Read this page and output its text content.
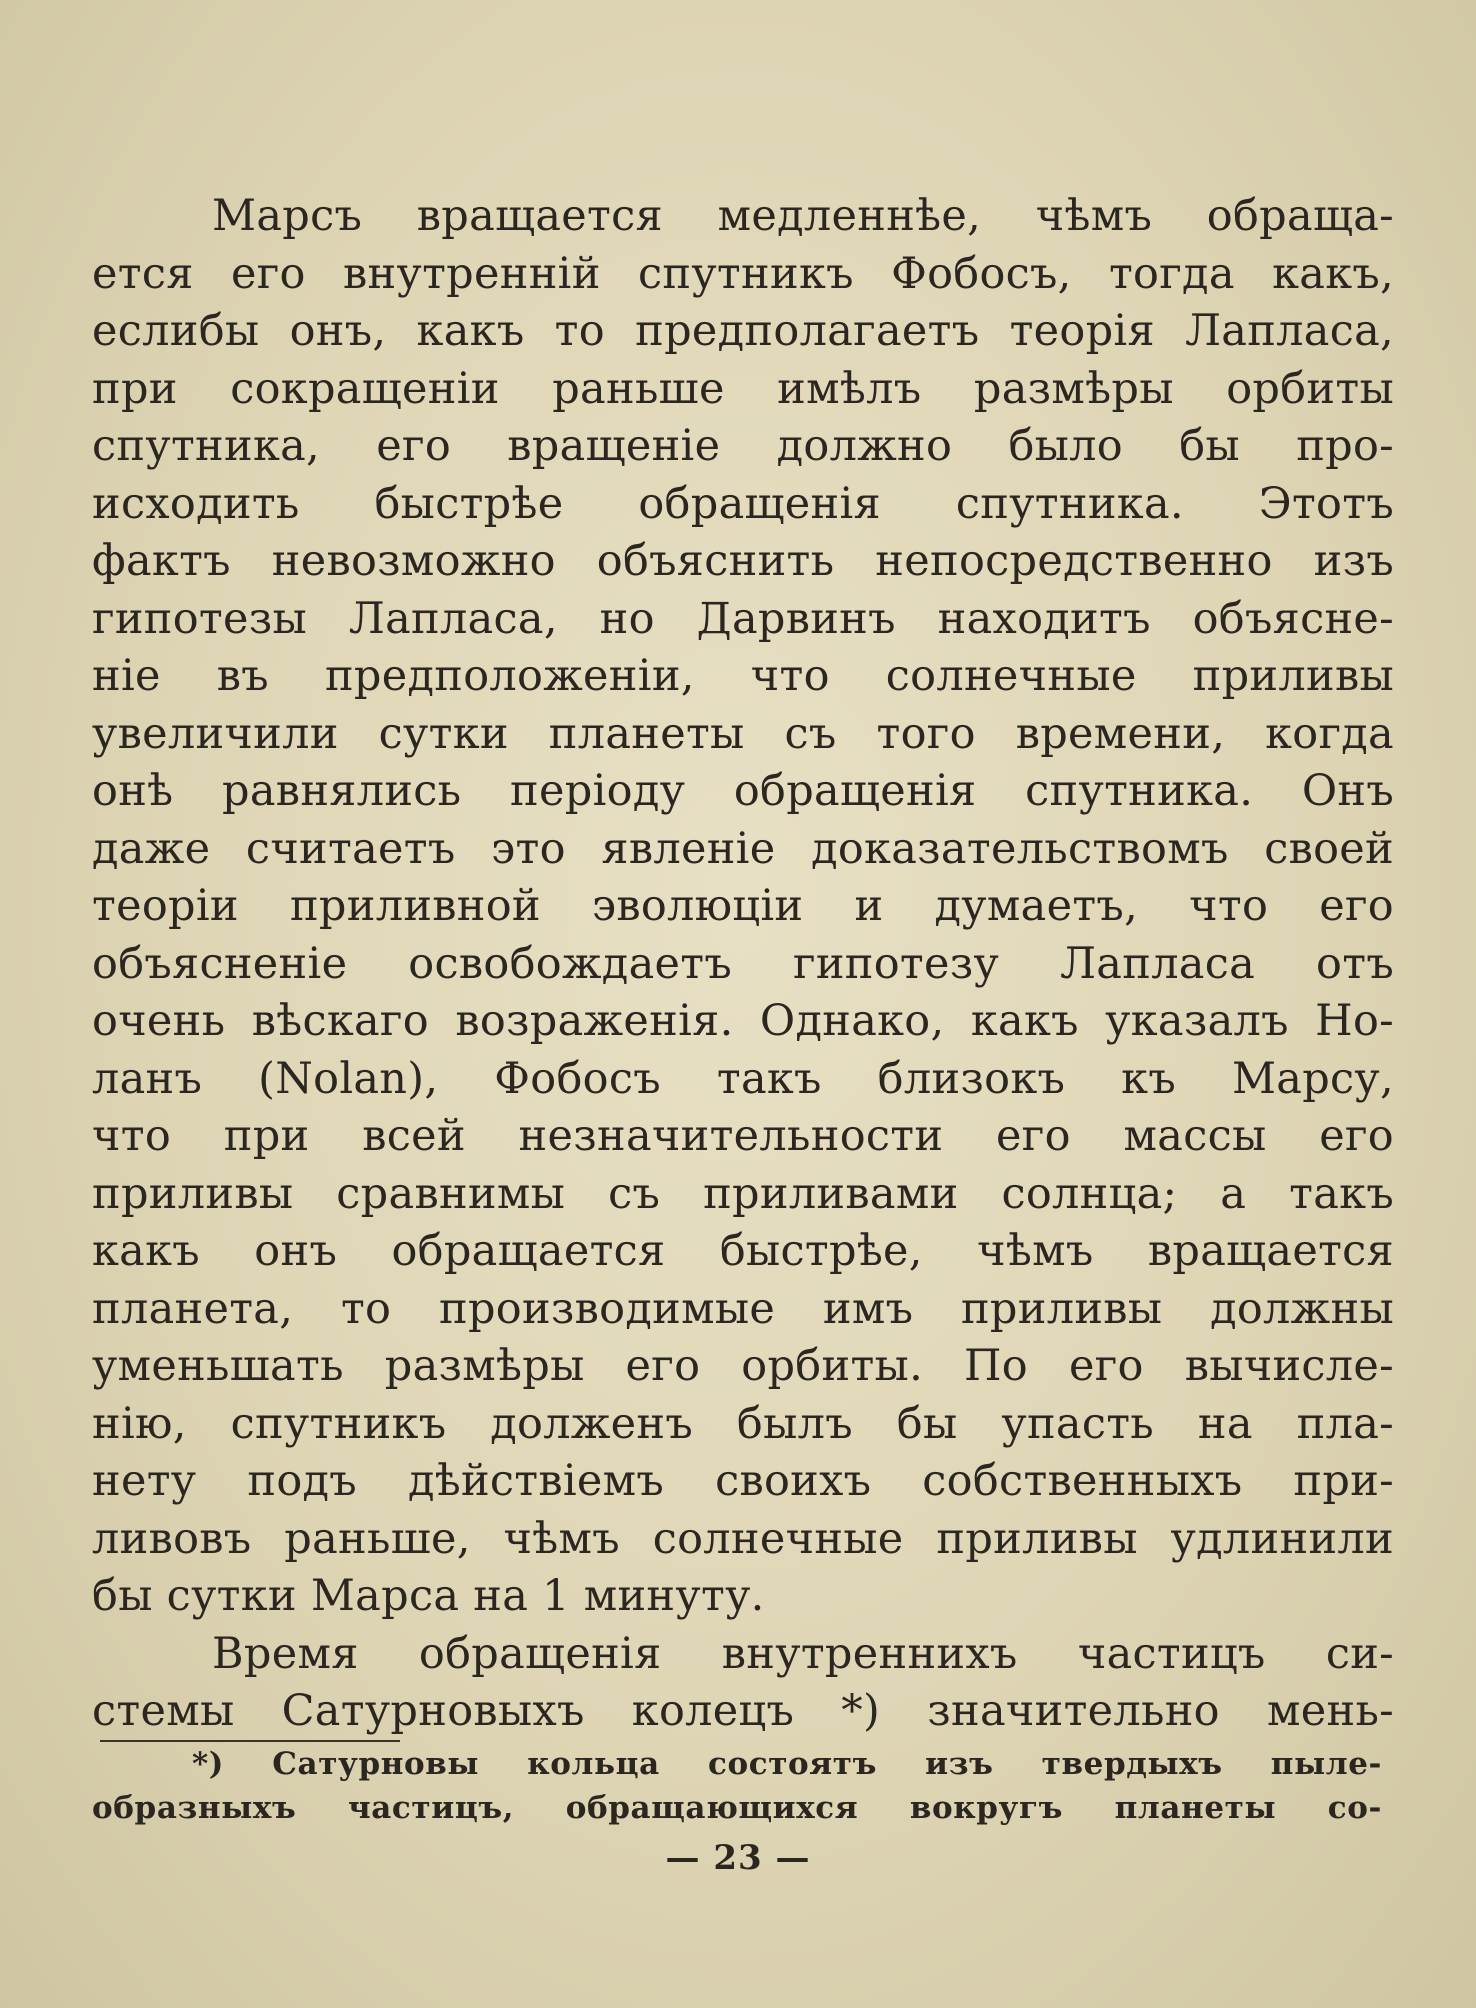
Марсъ вращается медленнѣе, чѣмъ обраща-
ется его внутренній спутникъ Фобосъ, тогда какъ,
еслибы онъ, какъ то предполагаетъ теорія Лапласа,
при сокращеніи раньше имѣлъ размѣры орбиты
спутника, его вращеніе должно было бы про-
исходить быстрѣе обращенія спутника. Этотъ
фактъ невозможно объяснить непосредственно изъ
гипотезы Лапласа, но Дарвинъ находитъ объясне-
ніе въ предположеніи, что солнечные приливы
увеличили сутки планеты съ того времени, когда
онѣ равнялись періоду обращенія спутника. Онъ
даже считаетъ это явленіе доказательствомъ своей
теоріи приливной эволюціи и думаетъ, что его
объясненіе освобождаетъ гипотезу Лапласа отъ
очень вѣскаго возраженія. Однако, какъ указалъ Но-
ланъ (Nolan), Фобосъ такъ близокъ къ Марсу,
что при всей незначительности его массы его
приливы сравнимы съ приливами солнца; а такъ
какъ онъ обращается быстрѣе, чѣмъ вращается
планета, то производимые имъ приливы должны
уменьшать размѣры его орбиты. По его вычисле-
нію, спутникъ долженъ былъ бы упасть на пла-
нету подъ дѣйствіемъ своихъ собственныхъ при-
ливовъ раньше, чѣмъ солнечные приливы удлинили
бы сутки Марса на 1 минуту.
Время обращенія внутреннихъ частицъ си-
стемы Сатурновыхъ колецъ *) значительно мень-
*) Сатурновы кольца состоятъ изъ твердыхъ пыле-
образныхъ частицъ, обращающихся вокругъ планеты со-
— 23 —
